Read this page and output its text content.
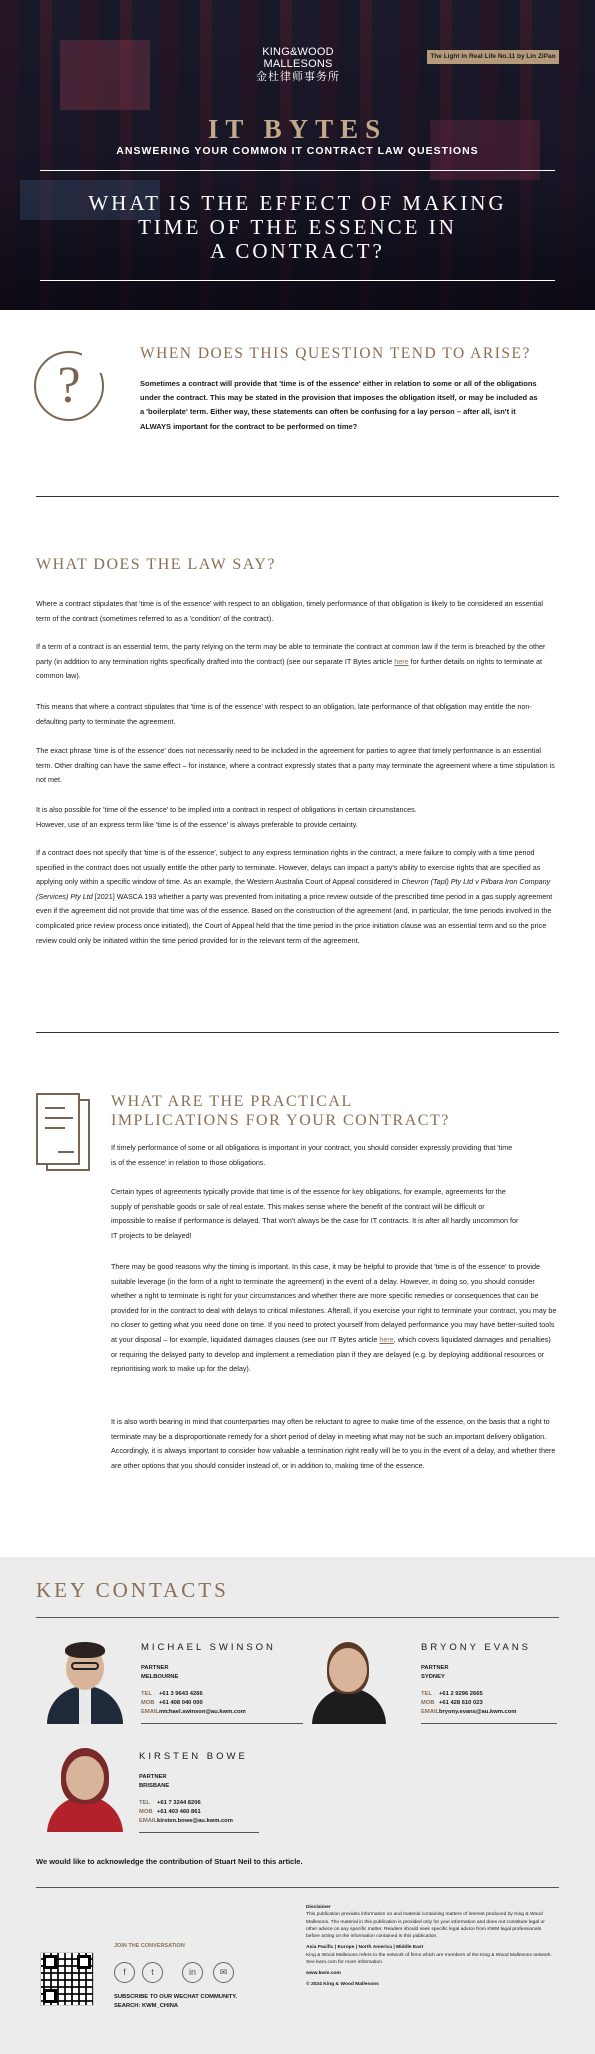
KING&WOOD
MALLESONS
金杜律师事务所
The Light in Real Life No.11 by Lin ZiPao
IT BYTES
ANSWERING YOUR COMMON IT CONTRACT LAW QUESTIONS
WHAT IS THE EFFECT OF MAKING
TIME OF THE ESSENCE IN
A CONTRACT?
?
WHEN DOES THIS QUESTION TEND TO ARISE?
Sometimes a contract will provide that 'time is of the essence' either in relation to some or all of the obligations under the contract. This may be stated in the provision that imposes the obligation itself, or may be included as a 'boilerplate' term. Either way, these statements can often be confusing for a lay person – after all, isn't it ALWAYS important for the contract to be performed on time?
WHAT DOES THE LAW SAY?
Where a contract stipulates that 'time is of the essence' with respect to an obligation, timely performance of that obligation is likely to be considered an essential term of the contract (sometimes referred to as a 'condition' of the contract).
If a term of a contract is an essential term, the party relying on the term may be able to terminate the contract at common law if the term is breached by the other party (in addition to any termination rights specifically drafted into the contract) (see our separate IT Bytes article here for further details on rights to terminate at common law).
This means that where a contract stipulates that 'time is of the essence' with respect to an obligation, late performance of that obligation may entitle the non-defaulting party to terminate the agreement.
The exact phrase 'time is of the essence' does not necessarily need to be included in the agreement for parties to agree that timely performance is an essential term. Other drafting can have the same effect – for instance, where a contract expressly states that a party may terminate the agreement where a time stipulation is not met.
It is also possible for 'time of the essence' to be implied into a contract in respect of obligations in certain circumstances.
However, use of an express term like 'time is of the essence' is always preferable to provide certainty.
If a contract does not specify that 'time is of the essence', subject to any express termination rights in the contract, a mere failure to comply with a time period specified in the contract does not usually entitle the other party to terminate. However, delays can impact a party's ability to exercise rights that are specified as applying only within a specific window of time. As an example, the Western Australia Court of Appeal considered in Chevron (Tapl) Pty Ltd v Pilbara Iron Company (Services) Pty Ltd [2021] WASCA 193 whether a party was prevented from initiating a price review outside of the prescribed time period in a gas supply agreement even if the agreement did not provide that time was of the essence. Based on the construction of the agreement (and, in particular, the time periods involved in the complicated price review process once initiated), the Court of Appeal held that the time period in the price initiation clause was an essential term and so the price review could only be initiated within the time period provided for in the relevant term of the agreement.
WHAT ARE THE PRACTICAL
IMPLICATIONS FOR YOUR CONTRACT?
If timely performance of some or all obligations is important in your contract, you should consider expressly providing that 'time is of the essence' in relation to those obligations.
Certain types of agreements typically provide that time is of the essence for key obligations, for example, agreements for the supply of perishable goods or sale of real estate. This makes sense where the benefit of the contract will be difficult or impossible to realise if performance is delayed. That won't always be the case for IT contracts. It is after all hardly uncommon for IT projects to be delayed!
There may be good reasons why the timing is important. In this case, it may be helpful to provide that 'time is of the essence' to provide suitable leverage (in the form of a right to terminate the agreement) in the event of a delay. However, in doing so, you should consider whether a right to terminate is right for your circumstances and whether there are more specific remedies or consequences that can be provided for in the contract to deal with delays to critical milestones. Afterall, if you exercise your right to terminate your contract, you may be no closer to getting what you need done on time. If you need to protect yourself from delayed performance you may have better-suited tools at your disposal – for example, liquidated damages clauses (see our IT Bytes article here, which covers liquidated damages and penalties) or requiring the delayed party to develop and implement a remediation plan if they are delayed (e.g. by deploying additional resources or reprioritising work to make up for the delay).
It is also worth bearing in mind that counterparties may often be reluctant to agree to make time of the essence, on the basis that a right to terminate may be a disproportionate remedy for a short period of delay in meeting what may not be such an important delivery obligation. Accordingly, it is always important to consider how valuable a termination right really will be to you in the event of a delay, and whether there are other options that you should consider instead of, or in addition to, making time of the essence.
KEY CONTACTS
MICHAEL SWINSON
PARTNER
MELBOURNE
TEL +61 3 9643 4266
MOB +61 408 040 000
EMAILmichael.swinson@au.kwm.com
BRYONY EVANS
PARTNER
SYDNEY
TEL +61 2 9296 2665
MOB +61 428 610 023
EMAILbryony.evans@au.kwm.com
KIRSTEN BOWE
PARTNER
BRISBANE
TEL +61 7 3244 8206
MOB +61 403 460 861
EMAILkirsten.bowe@au.kwm.com
We would like to acknowledge the contribution of Stuart Neil to this article.
JOIN THE CONVERSATION
f	t	in	✉
SUBSCRIBE TO OUR WECHAT COMMUNITY.
SEARCH: KWM_CHINA
Disclaimer
This publication provides information on and material containing matters of interest produced by King & Wood Mallesons. The material in this publication is provided only for your information and does not constitute legal or other advice on any specific matter. Readers should seek specific legal advice from KWM legal professionals before acting on the information contained in this publication.
Asia Pacific | Europe | North America | Middle East
King & Wood Mallesons refers to the network of firms which are members of the King & Wood Mallesons network. See kwm.com for more information.
www.kwm.com
© 2024 King & Wood Mallesons
